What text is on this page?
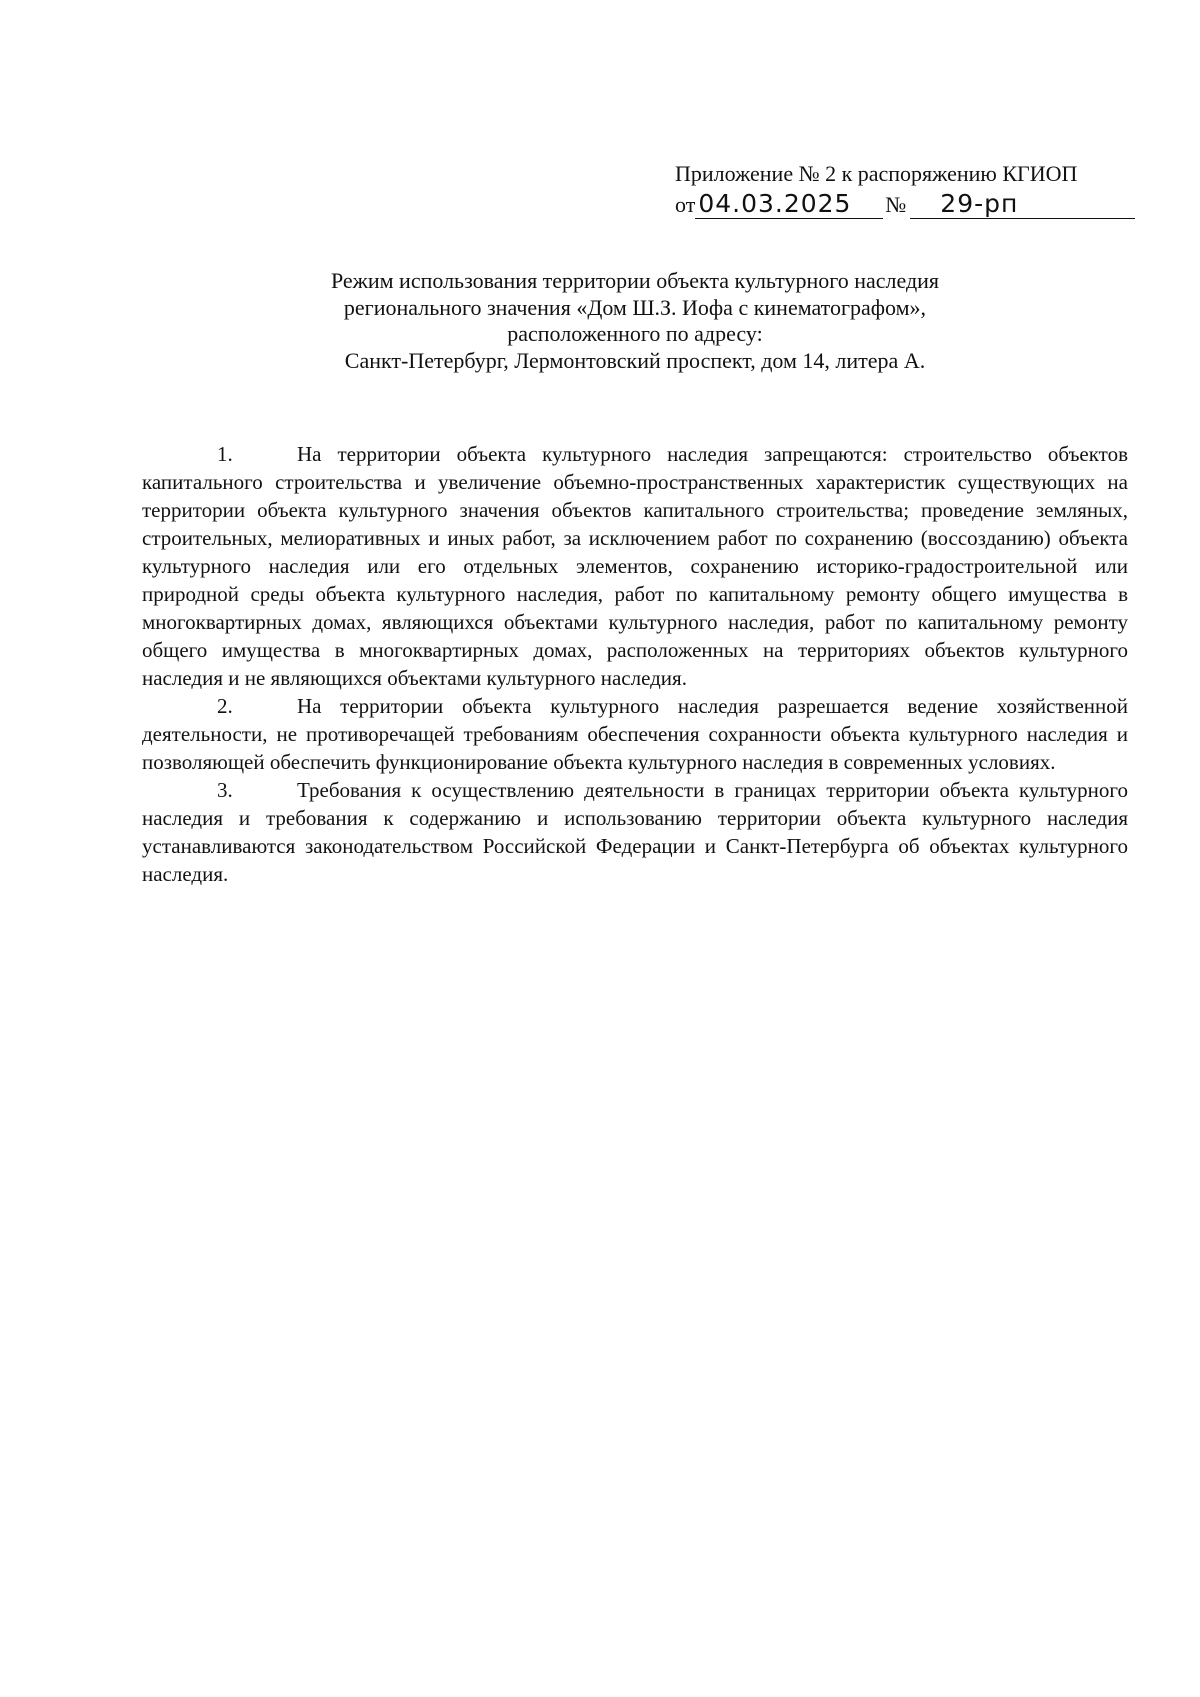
Приложение № 2 к распоряжению КГИОП
от 04.03.2025	№	29-рп
Режим использования территории объекта культурного наследия
регионального значения «Дом Ш.З. Иофа с кинематографом»,
расположенного по адресу:
Санкт-Петербург, Лермонтовский проспект, дом 14, литера А.

1.	На территории объекта культурного наследия запрещаются: строительство объектов капитального строительства и увеличение объемно-пространственных характеристик существующих на территории объекта культурного значения объектов капитального строительства; проведение земляных, строительных, мелиоративных и иных работ, за исключением работ по сохранению (воссозданию) объекта культурного наследия или его отдельных элементов, сохранению историко-градостроительной или природной среды объекта культурного наследия, работ по капитальному ремонту общего имущества в многоквартирных домах, являющихся объектами культурного наследия, работ по капитальному ремонту общего имущества в многоквартирных домах, расположенных на территориях объектов культурного наследия и не являющихся объектами культурного наследия.

2.	На территории объекта культурного наследия разрешается ведение хозяйственной деятельности, не противоречащей требованиям обеспечения сохранности объекта культурного наследия и позволяющей обеспечить функционирование объекта культурного наследия в современных условиях.

3.	Требования к осуществлению деятельности в границах территории объекта культурного наследия и требования к содержанию и использованию территории объекта культурного наследия устанавливаются законодательством Российской Федерации и Санкт-Петербурга об объектах культурного наследия.
